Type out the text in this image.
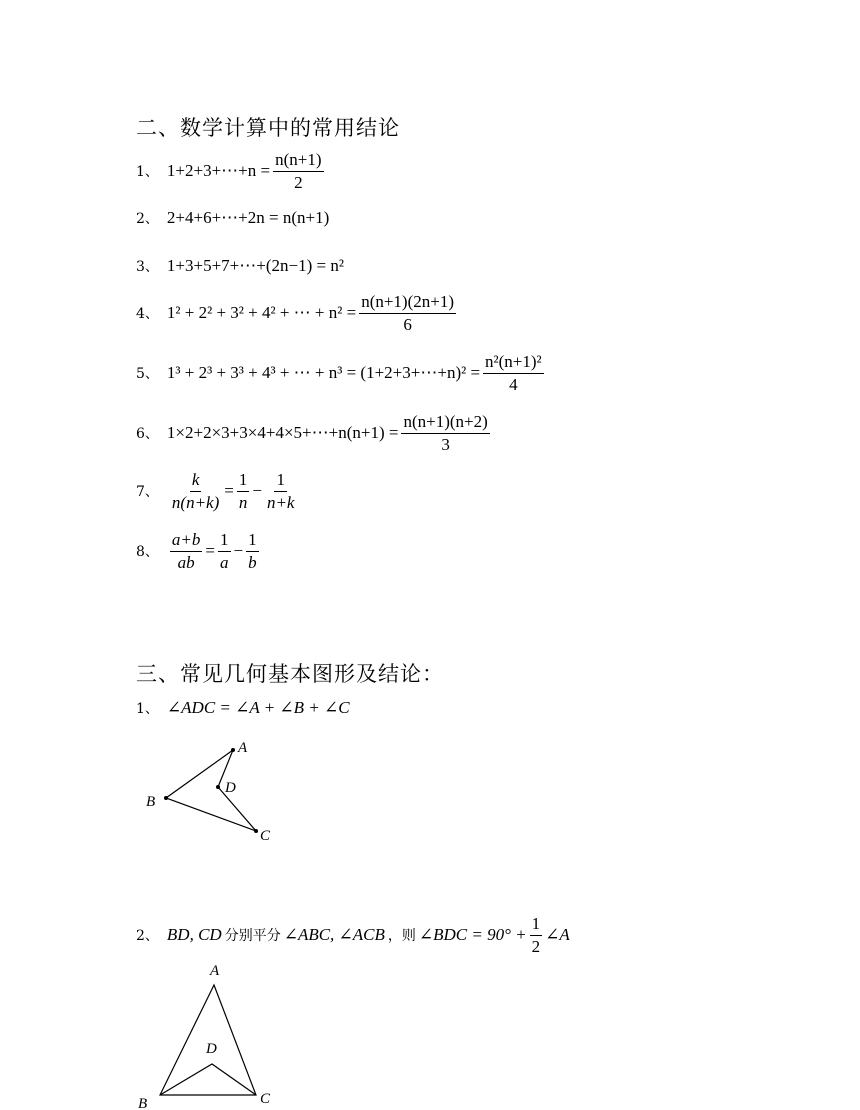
二、数学计算中的常用结论
1、 1+2+3+⋯+n = $\frac{n(n+1)}{2}$
2、 2+4+6+⋯+2n = n(n+1)
3、 1+3+5+7+⋯+(2n−1) = n²
4、 1² + 2² + 3² + 4² + ⋯ + $n^2 = \frac{n(n+1)(2n+1)}{6}$
5、 1³ + 2³ + 3³ + 4³ + ⋯ + n³ = (1+2+3+⋯+n)² = $\frac{\text{n²(n+1)²}}{4}$
6、 1×2+2×3+3×4+4×5+⋯+n(n+1) = $\frac{n(n+1)(n+2)}{3}$
7、 $\frac{k}{n(n+k)} = \frac{1}{n} - \frac{1}{n+k}$
8、 $\frac{a+b}{ab} = \frac{1}{a} - \frac{1}{b}$
三、常见几何基本图形及结论：
1、 ∠ADC = ∠A + ∠B + ∠C
A
B
C
D
2、 BD, CD 分别平分 ∠ABC, ∠ACB ，则 ∠BDC = $90^\circ + \frac{1}{2}$ ∠A
A
B	C
D
